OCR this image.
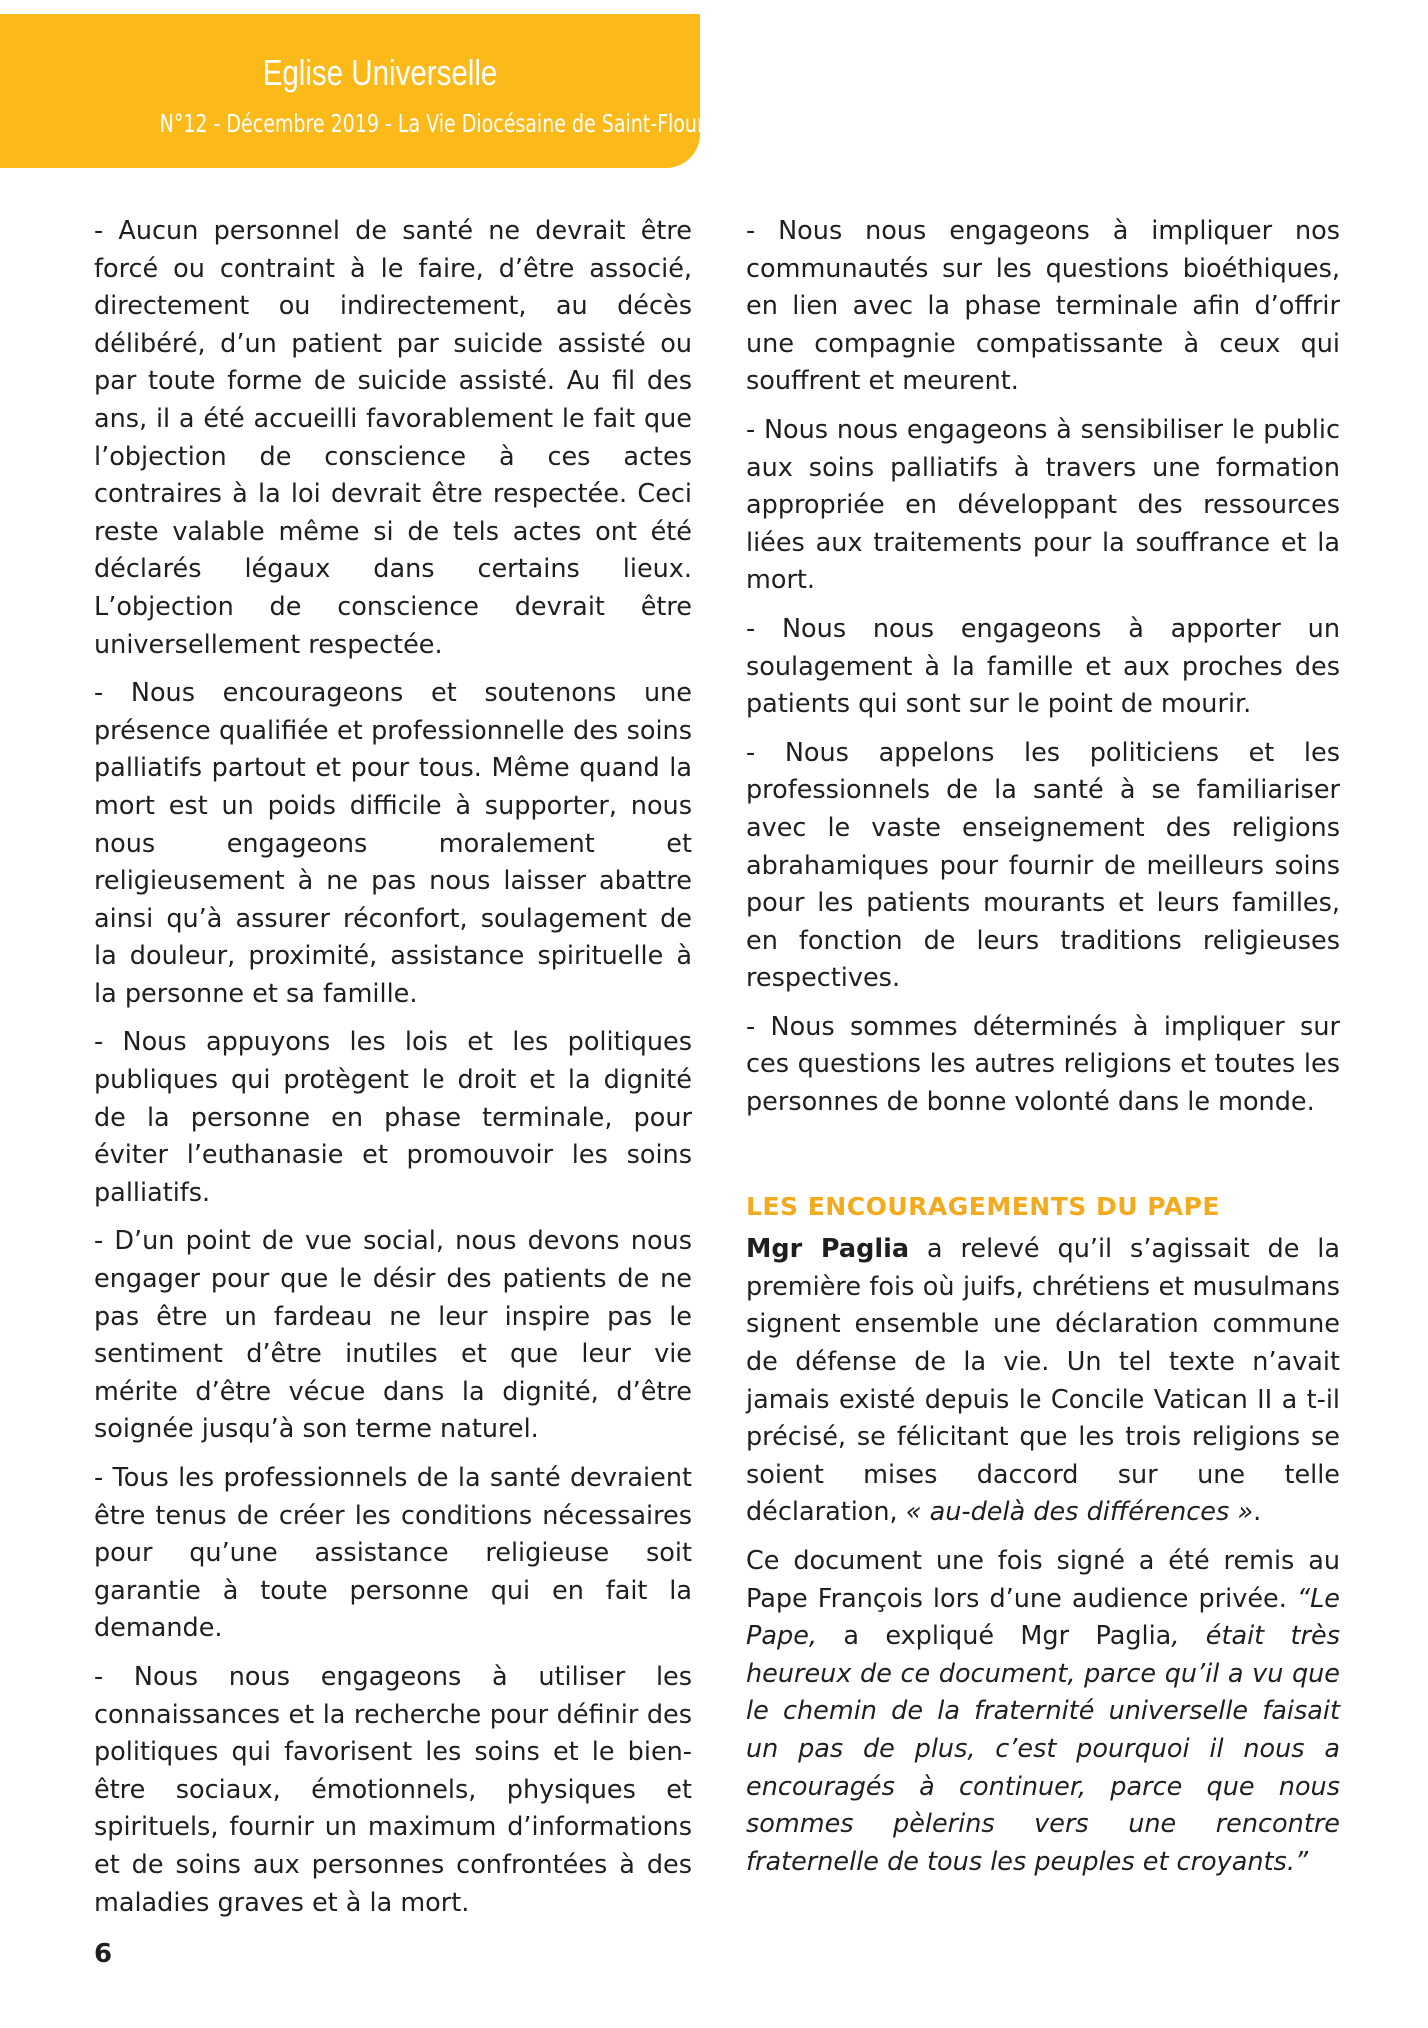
Eglise Universelle
N°12 - Décembre 2019 - La Vie Diocésaine de Saint-Flour

- Aucun personnel de santé ne devrait être forcé ou contraint à le faire, d’être associé, directement ou indirectement, au décès délibéré, d’un patient par suicide assisté ou par toute forme de suicide assisté. Au fil des ans, il a été accueilli favorablement le fait que l’objection de conscience à ces actes contraires à la loi devrait être respectée. Ceci reste valable même si de tels actes ont été déclarés légaux dans certains lieux. L’objection de conscience devrait être universellement respectée.

- Nous encourageons et soutenons une présence qualifiée et professionnelle des soins palliatifs partout et pour tous. Même quand la mort est un poids difficile à supporter, nous nous engageons moralement et religieusement à ne pas nous laisser abattre ainsi qu’à assurer réconfort, soulagement de la douleur, proximité, assistance spirituelle à la personne et sa famille.

- Nous appuyons les lois et les politiques publiques qui protègent le droit et la dignité de la personne en phase terminale, pour éviter l’euthanasie et promouvoir les soins palliatifs.

- D’un point de vue social, nous devons nous engager pour que le désir des patients de ne pas être un fardeau ne leur inspire pas le sentiment d’être inutiles et que leur vie mérite d’être vécue dans la dignité, d’être soignée jusqu’à son terme naturel.

- Tous les professionnels de la santé devraient être tenus de créer les conditions nécessaires pour qu’une assistance religieuse soit garantie à toute personne qui en fait la demande.

- Nous nous engageons à utiliser les connaissances et la recherche pour définir des politiques qui favorisent les soins et le bien-être sociaux, émotionnels, physiques et spirituels, fournir un maximum d’informations et de soins aux personnes confrontées à des maladies graves et à la mort.

- Nous nous engageons à impliquer nos communautés sur les questions bioéthiques, en lien avec la phase terminale afin d’offrir une compagnie compatissante à ceux qui souffrent et meurent.

- Nous nous engageons à sensibiliser le public aux soins palliatifs à travers une formation appropriée en développant des ressources liées aux traitements pour la souffrance et la mort.

- Nous nous engageons à apporter un soulagement à la famille et aux proches des patients qui sont sur le point de mourir.

- Nous appelons les politiciens et les professionnels de la santé à se familiariser avec le vaste enseignement des religions abrahamiques pour fournir de meilleurs soins pour les patients mourants et leurs familles, en fonction de leurs traditions religieuses respectives.

- Nous sommes déterminés à impliquer sur ces questions les autres religions et toutes les personnes de bonne volonté dans le monde.

LES ENCOURAGEMENTS DU PAPE

Mgr Paglia a relevé qu’il s’agissait de la première fois où juifs, chrétiens et musulmans signent ensemble une déclaration commune de défense de la vie. Un tel texte n’avait jamais existé depuis le Concile Vatican II a t-il précisé, se félicitant que les trois religions se soient mises daccord sur une telle déclaration, « au-delà des différences ».

Ce document une fois signé a été remis au Pape François lors d’une audience privée. “Le Pape, a expliqué Mgr Paglia, était très heureux de ce document, parce qu’il a vu que le chemin de la fraternité universelle faisait un pas de plus, c’est pourquoi il nous a encouragés à continuer, parce que nous sommes pèlerins vers une rencontre fraternelle de tous les peuples et croyants.”

6
